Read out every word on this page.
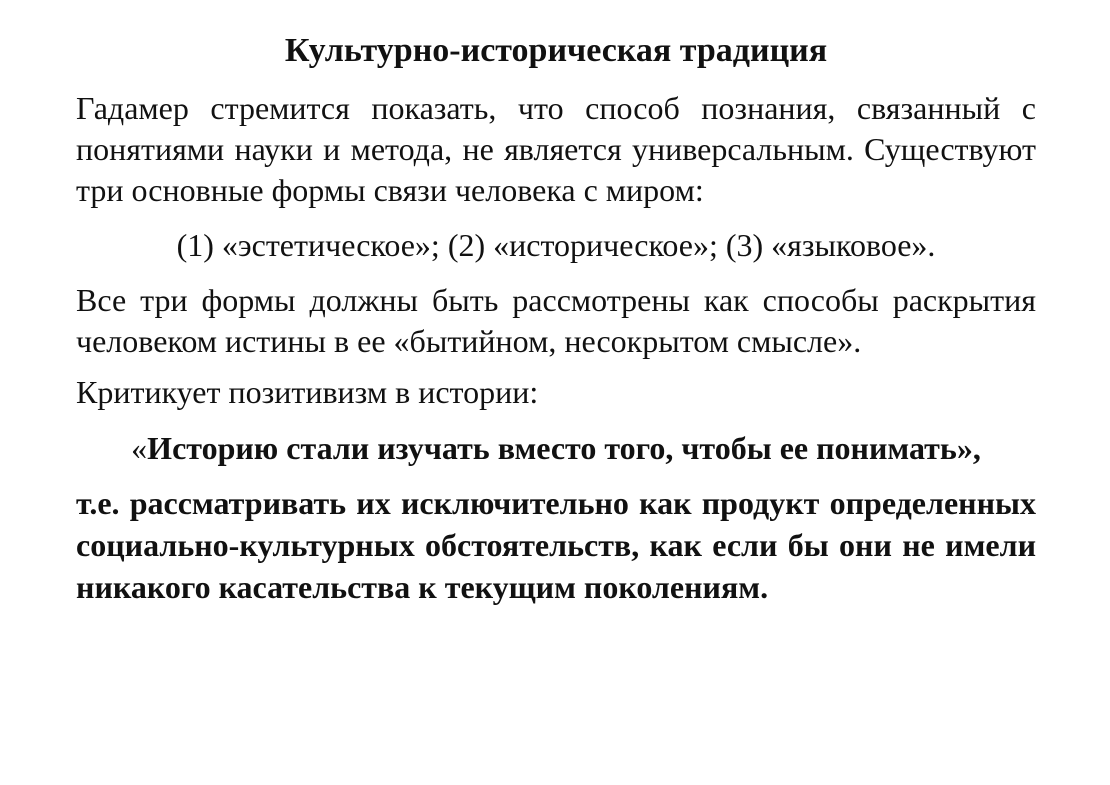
Культурно-историческая традиция

Гадамер стремится показать, что способ познания, связанный с понятиями науки и метода, не является универсальным. Существуют три основные формы связи человека с миром:

(1) «эстетическое»; (2) «историческое»; (3) «языковое».

Все три формы должны быть рассмотрены как способы раскрытия человеком истины в ее «бытийном, несокрытом смысле».

Критикует позитивизм в истории:

«Историю стали изучать вместо того, чтобы ее понимать»,

т.е. рассматривать их исключительно как продукт определенных социально-культурных обстоятельств, как если бы они не имели никакого касательства к текущим поколениям.
